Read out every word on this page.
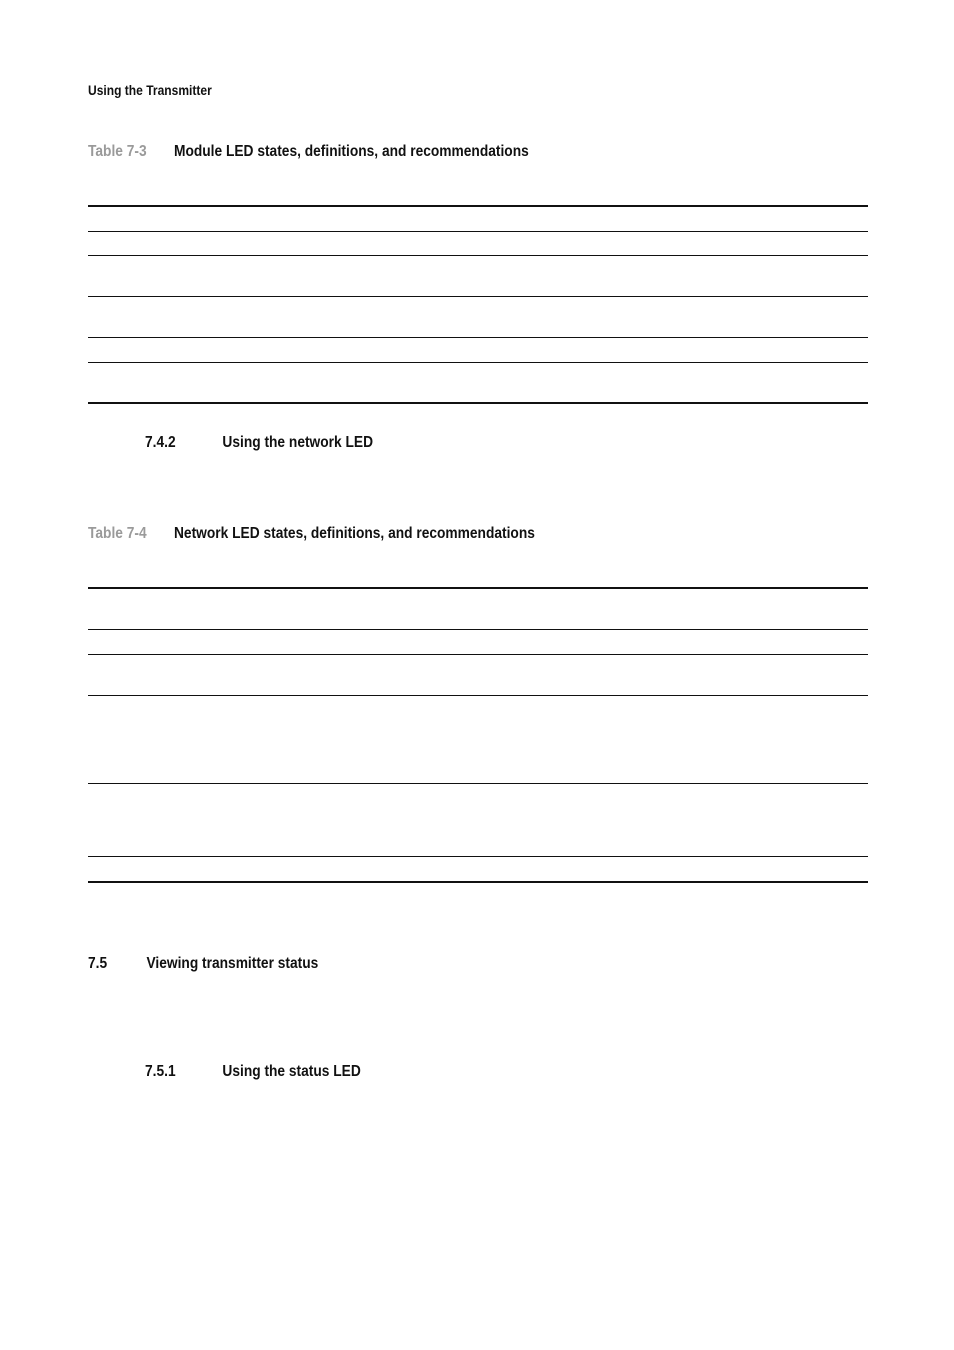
Using the Transmitter
Table 7-3 Module LED states, definitions, and recommendations
7.4.2	Using the network LED
Table 7-4 Network LED states, definitions, and recommendations
7.5 Viewing transmitter status
7.5.1	Using the status LED
